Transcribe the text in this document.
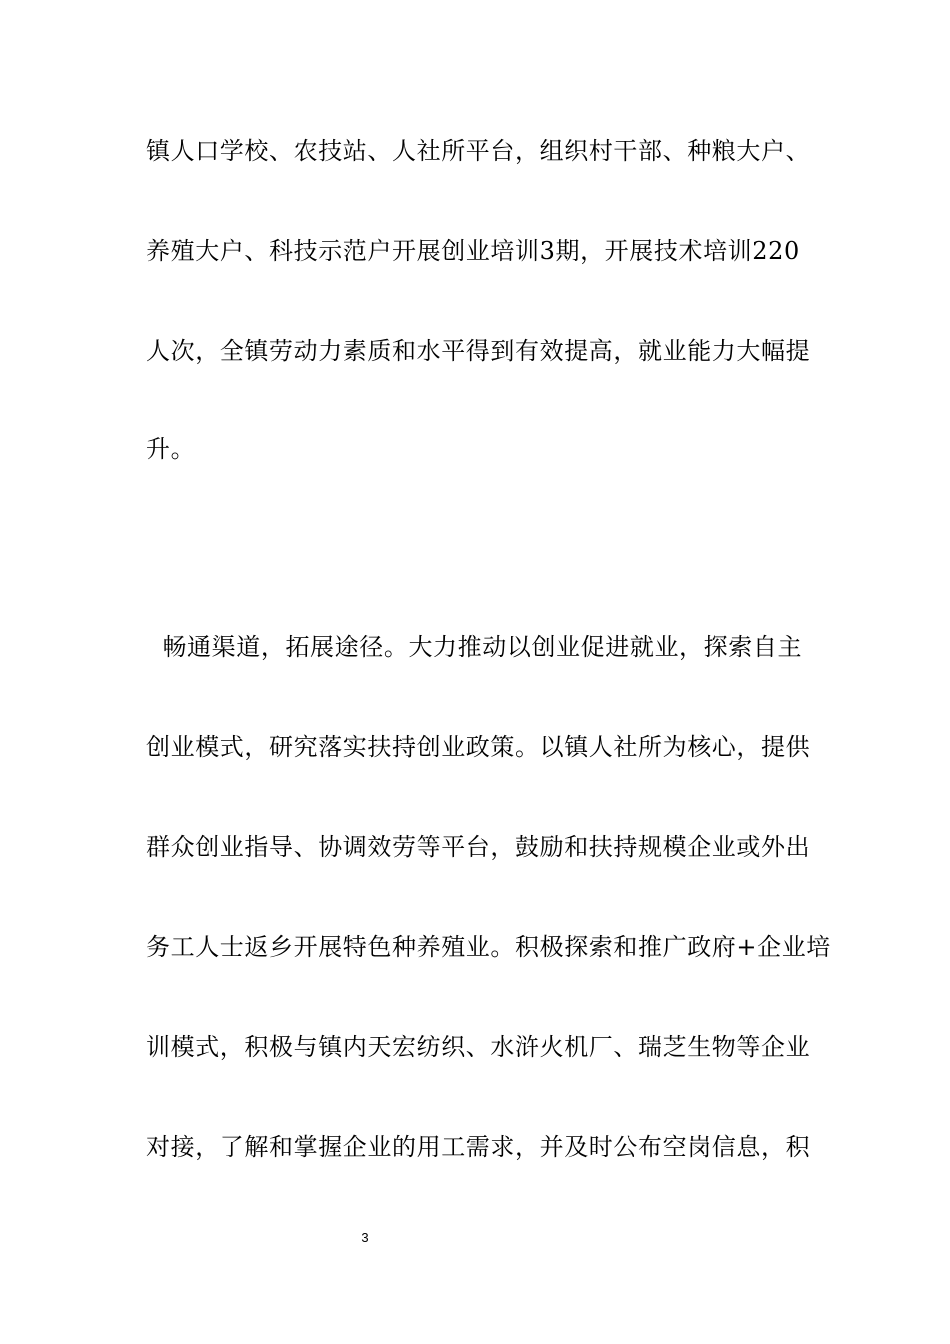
镇人口学校、农技站、人社所平台，组织村干部、种粮大户、
养殖大户、科技示范户开展创业培训3期，开展技术培训220
人次，全镇劳动力素质和水平得到有效提高，就业能力大幅提
升。
畅通渠道，拓展途径。大力推动以创业促进就业，探索自主
创业模式，研究落实扶持创业政策。以镇人社所为核心，提供
群众创业指导、协调效劳等平台，鼓励和扶持规模企业或外出
务工人士返乡开展特色种养殖业。积极探索和推广政府+企业培
训模式，积极与镇内天宏纺织、水浒火机厂、瑞芝生物等企业
对接，了解和掌握企业的用工需求，并及时公布空岗信息，积
3
